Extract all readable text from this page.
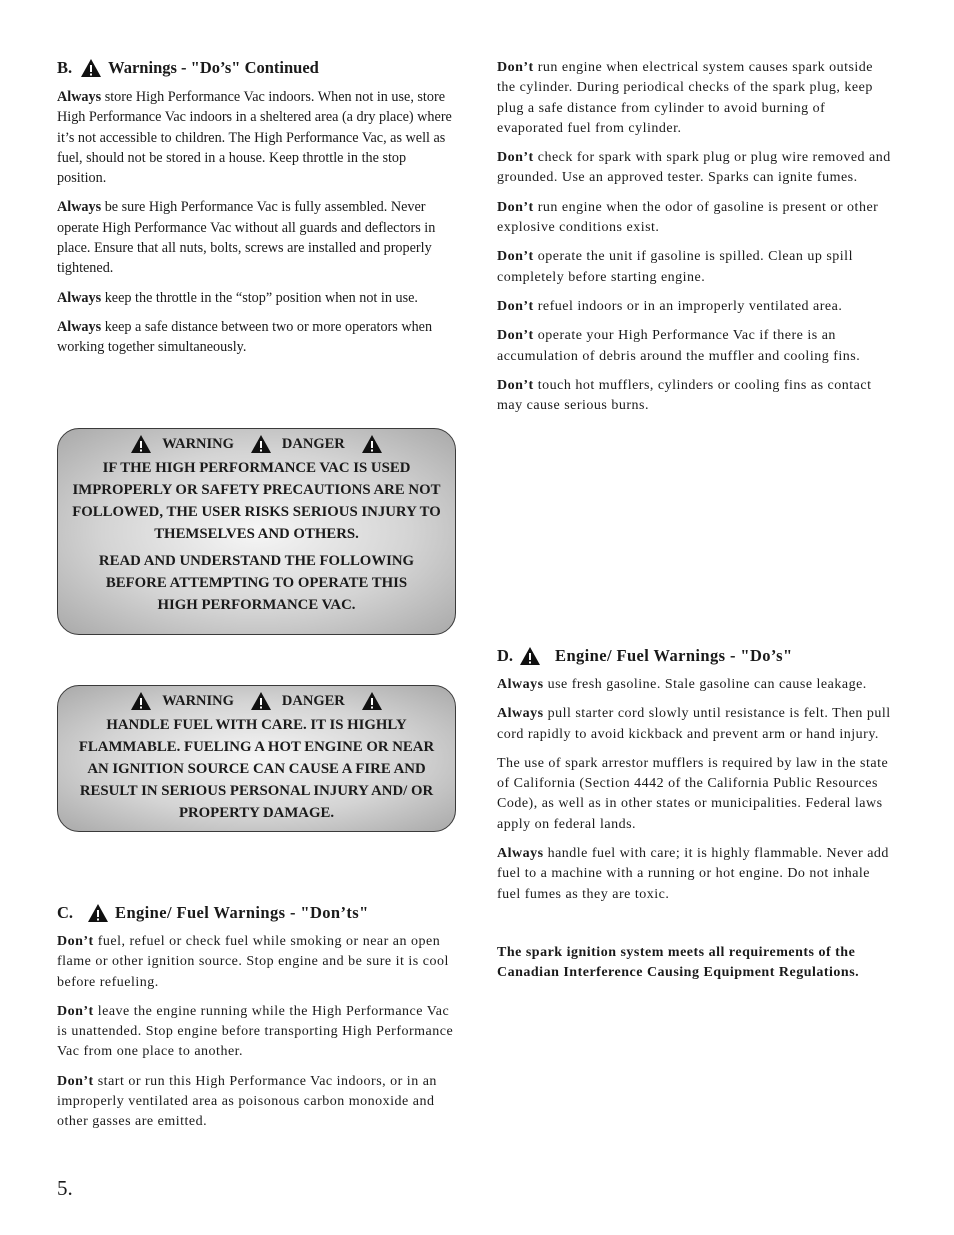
B. Warnings - "Do’s" Continued

Always store High Performance Vac indoors. When not in use, store High Performance Vac indoors in a sheltered area (a dry place) where it’s not accessible to children. The High Performance Vac, as well as fuel, should not be stored in a house. Keep throttle in the stop position.

Always be sure High Performance Vac is fully assembled. Never operate High Performance Vac without all guards and deflectors in place. Ensure that all nuts, bolts, screws are installed and properly tightened.

Always keep the throttle in the “stop” position when not in use.

Always keep a safe distance between two or more operators when working together simultaneously.

WARNING	DANGER

IF THE HIGH PERFORMANCE VAC IS USED IMPROPERLY OR SAFETY PRECAUTIONS ARE NOT FOLLOWED, THE USER RISKS SERIOUS INJURY TO THEMSELVES AND OTHERS.

READ AND UNDERSTAND THE FOLLOWING BEFORE ATTEMPTING TO OPERATE THIS HIGH PERFORMANCE VAC.

WARNING	DANGER

HANDLE FUEL WITH CARE. IT IS HIGHLY FLAMMABLE. FUELING A HOT ENGINE OR NEAR AN IGNITION SOURCE CAN CAUSE A FIRE AND RESULT IN SERIOUS PERSONAL INJURY AND/ OR PROPERTY DAMAGE.

C.	Engine/ Fuel Warnings - "Don’ts"

Don’t fuel, refuel or check fuel while smoking or near an open flame or other ignition source. Stop engine and be sure it is cool before refueling.

Don’t leave the engine running while the High Performance Vac is unattended. Stop engine before transporting High Performance Vac from one place to another.

Don’t start or run this High Performance Vac indoors, or in an improperly ventilated area as poisonous carbon monoxide and other gasses are emitted.

Don’t run engine when electrical system causes spark outside the cylinder. During periodical checks of the spark plug, keep plug a safe distance from cylinder to avoid burning of evaporated fuel from cylinder.

Don’t check for spark with spark plug or plug wire removed and grounded. Use an approved tester. Sparks can ignite fumes.

Don’t run engine when the odor of gasoline is present or other explosive conditions exist.

Don’t operate the unit if gasoline is spilled. Clean up spill completely before starting engine.

Don’t refuel indoors or in an improperly ventilated area.

Don’t operate your High Performance Vac if there is an accumulation of debris around the muffler and cooling fins.

Don’t touch hot mufflers, cylinders or cooling fins as contact may cause serious burns.

D.	Engine/ Fuel Warnings - "Do’s"

Always use fresh gasoline. Stale gasoline can cause leakage.

Always pull starter cord slowly until resistance is felt. Then pull cord rapidly to avoid kickback and prevent arm or hand injury.

The use of spark arrestor mufflers is required by law in the state of California (Section 4442 of the California Public Resources Code), as well as in other states or municipalities. Federal laws apply on federal lands.

Always handle fuel with care; it is highly flammable. Never add fuel to a machine with a running or hot engine. Do not inhale fuel fumes as they are toxic.

The spark ignition system meets all requirements of the Canadian Interference Causing Equipment Regulations.

5.
